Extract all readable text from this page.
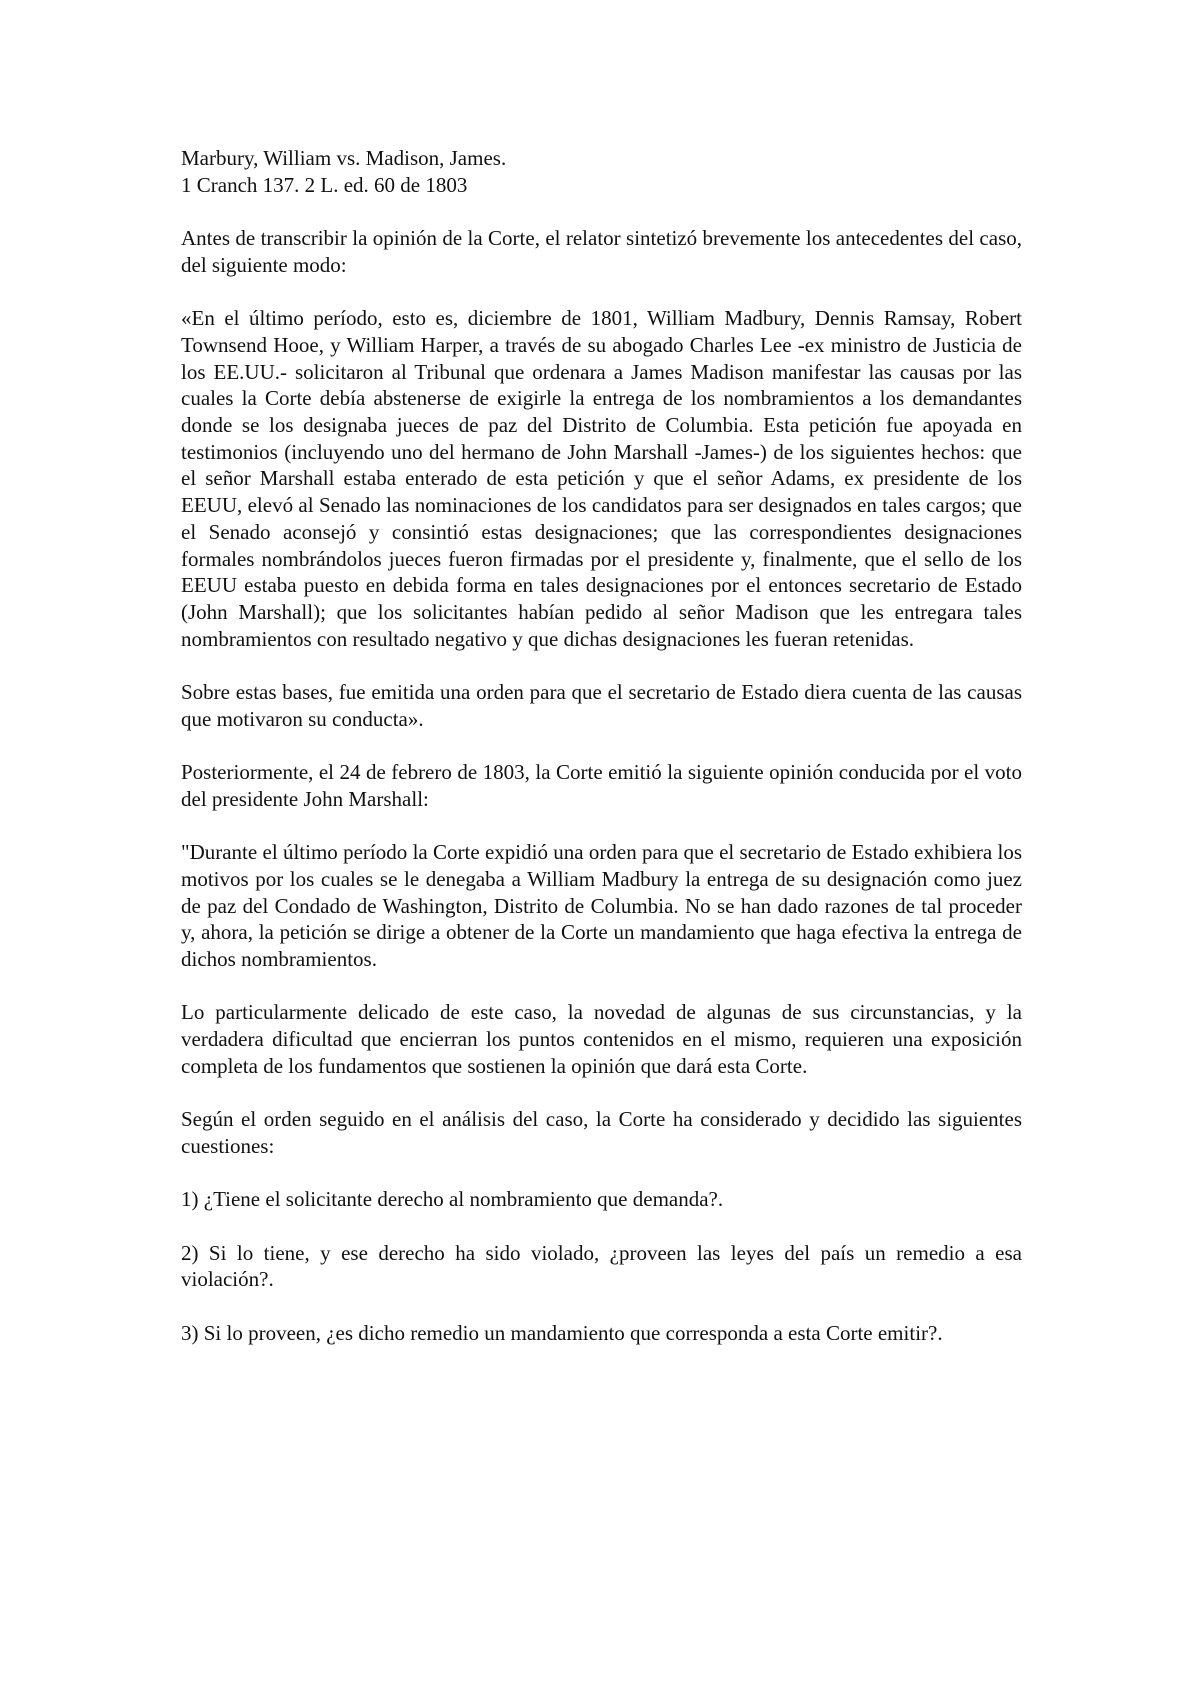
Marbury, William vs. Madison, James.

1 Cranch 137. 2 L. ed. 60 de 1803

Antes de transcribir la opinión de la Corte, el relator sintetizó brevemente los antecedentes del caso, del siguiente modo:

«En el último período, esto es, diciembre de 1801, William Madbury, Dennis Ramsay, Robert Townsend Hooe, y William Harper, a través de su abogado Charles Lee -ex ministro de Justicia de los EE.UU.- solicitaron al Tribunal que ordenara a James Madison manifestar las causas por las cuales la Corte debía abstenerse de exigirle la entrega de los nombramientos a los demandantes donde se los designaba jueces de paz del Distrito de Columbia. Esta petición fue apoyada en testimonios (incluyendo uno del hermano de John Marshall -James-) de los siguientes hechos: que el señor Marshall estaba enterado de esta petición y que el señor Adams, ex presidente de los EEUU, elevó al Senado las nominaciones de los candidatos para ser designados en tales cargos; que el Senado aconsejó y consintió estas designaciones; que las correspondientes designaciones formales nombrándolos jueces fueron firmadas por el presidente y, finalmente, que el sello de los EEUU estaba puesto en debida forma en tales designaciones por el entonces secretario de Estado (John Marshall); que los solicitantes habían pedido al señor Madison que les entregara tales nombramientos con resultado negativo y que dichas designaciones les fueran retenidas.

Sobre estas bases, fue emitida una orden para que el secretario de Estado diera cuenta de las causas que motivaron su conducta».

Posteriormente, el 24 de febrero de 1803, la Corte emitió la siguiente opinión conducida por el voto del presidente John Marshall:

"Durante el último período la Corte expidió una orden para que el secretario de Estado exhibiera los motivos por los cuales se le denegaba a William Madbury la entrega de su designación como juez de paz del Condado de Washington, Distrito de Columbia. No se han dado razones de tal proceder y, ahora, la petición se dirige a obtener de la Corte un mandamiento que haga efectiva la entrega de dichos nombramientos.

Lo particularmente delicado de este caso, la novedad de algunas de sus circunstancias, y la verdadera dificultad que encierran los puntos contenidos en el mismo, requieren una exposición completa de los fundamentos que sostienen la opinión que dará esta Corte.

Según el orden seguido en el análisis del caso, la Corte ha considerado y decidido las siguientes cuestiones:

1) ¿Tiene el solicitante derecho al nombramiento que demanda?.

2) Si lo tiene, y ese derecho ha sido violado, ¿proveen las leyes del país un remedio a esa violación?.

3) Si lo proveen, ¿es dicho remedio un mandamiento que corresponda a esta Corte emitir?.
